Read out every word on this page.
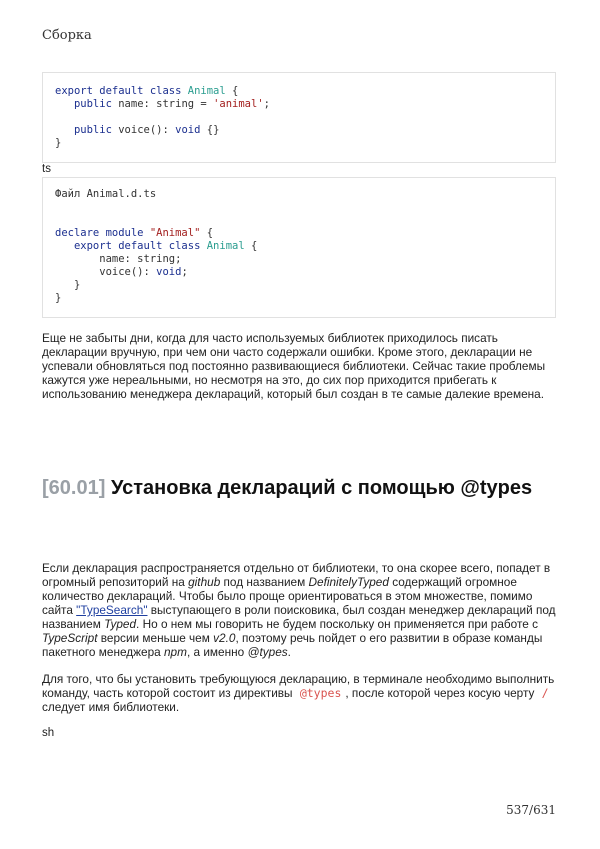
Сборка
export default class Animal {
public name: string = 'animal';
public voice(): void {}
}
ts
Файл Animal.d.ts
declare module "Animal" {
export default class Animal {
name: string;
voice(): void;
}
}

Еще не забыты дни, когда для часто используемых библиотек приходилось писать декларации вручную, при чем они часто содержали ошибки. Кроме этого, декларации не успевали обновляться под постоянно развивающиеся библиотеки. Сейчас такие проблемы кажутся уже нереальными, но несмотря на это, до сих пор приходится прибегать к использованию менеджера деклараций, который был создан в те самые далекие времена.

[60.01] Установка деклараций с помощью @types

Если декларация распространяется отдельно от библиотеки, то она скорее всего, попадет в огромный репозиторий на github под названием DefinitelyTyped содержащий огромное количество деклараций. Чтобы было проще ориентироваться в этом множестве, помимо сайта "TypeSearch" выступающего в роли поисковика, был создан менеджер деклараций под названием Typed. Но о нем мы говорить не будем поскольку он применяется при работе с TypeScript версии меньше чем v2.0, поэтому речь пойдет о его развитии в образе команды пакетного менеджера npm, а именно @types.

Для того, что бы установить требующуюся декларацию, в терминале необходимо выполнить команду, часть которой состоит из директивы @types , после которой через косую черту / следует имя библиотеки.

sh
537/631
